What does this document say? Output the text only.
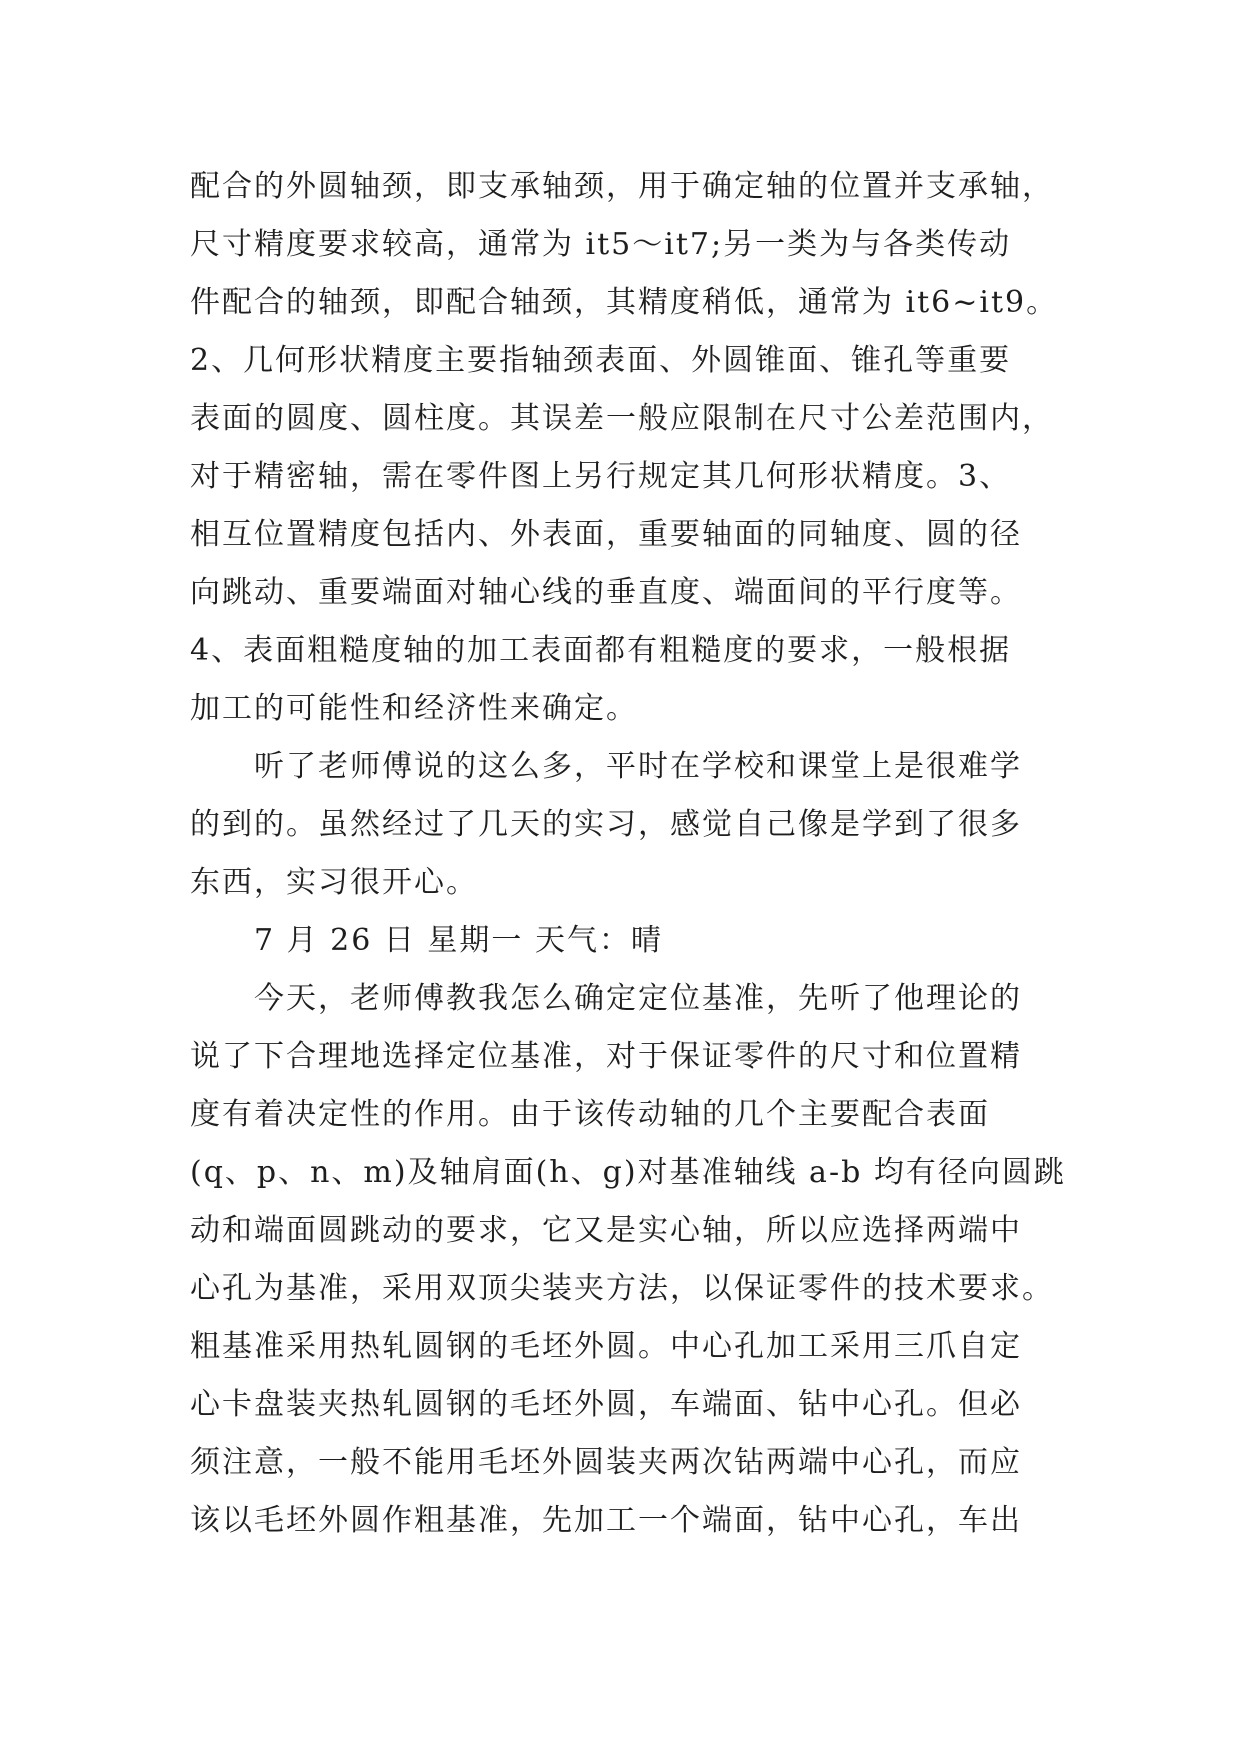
配合的外圆轴颈，即支承轴颈，用于确定轴的位置并支承轴，
尺寸精度要求较高，通常为 it5～it7;另一类为与各类传动
件配合的轴颈，即配合轴颈，其精度稍低，通常为 it6~it9。
2、几何形状精度主要指轴颈表面、外圆锥面、锥孔等重要
表面的圆度、圆柱度。其误差一般应限制在尺寸公差范围内，
对于精密轴，需在零件图上另行规定其几何形状精度。3、
相互位置精度包括内、外表面，重要轴面的同轴度、圆的径
向跳动、重要端面对轴心线的垂直度、端面间的平行度等。
4、表面粗糙度轴的加工表面都有粗糙度的要求，一般根据
加工的可能性和经济性来确定。
听了老师傅说的这么多，平时在学校和课堂上是很难学
的到的。虽然经过了几天的实习，感觉自己像是学到了很多
东西，实习很开心。
7 月 26 日 星期一 天气：晴
今天，老师傅教我怎么确定定位基准，先听了他理论的
说了下合理地选择定位基准，对于保证零件的尺寸和位置精
度有着决定性的作用。由于该传动轴的几个主要配合表面
(q、p、n、m)及轴肩面(h、g)对基准轴线 a-b 均有径向圆跳
动和端面圆跳动的要求，它又是实心轴，所以应选择两端中
心孔为基准，采用双顶尖装夹方法，以保证零件的技术要求。
粗基准采用热轧圆钢的毛坯外圆。中心孔加工采用三爪自定
心卡盘装夹热轧圆钢的毛坯外圆，车端面、钻中心孔。但必
须注意，一般不能用毛坯外圆装夹两次钻两端中心孔，而应
该以毛坯外圆作粗基准，先加工一个端面，钻中心孔，车出
